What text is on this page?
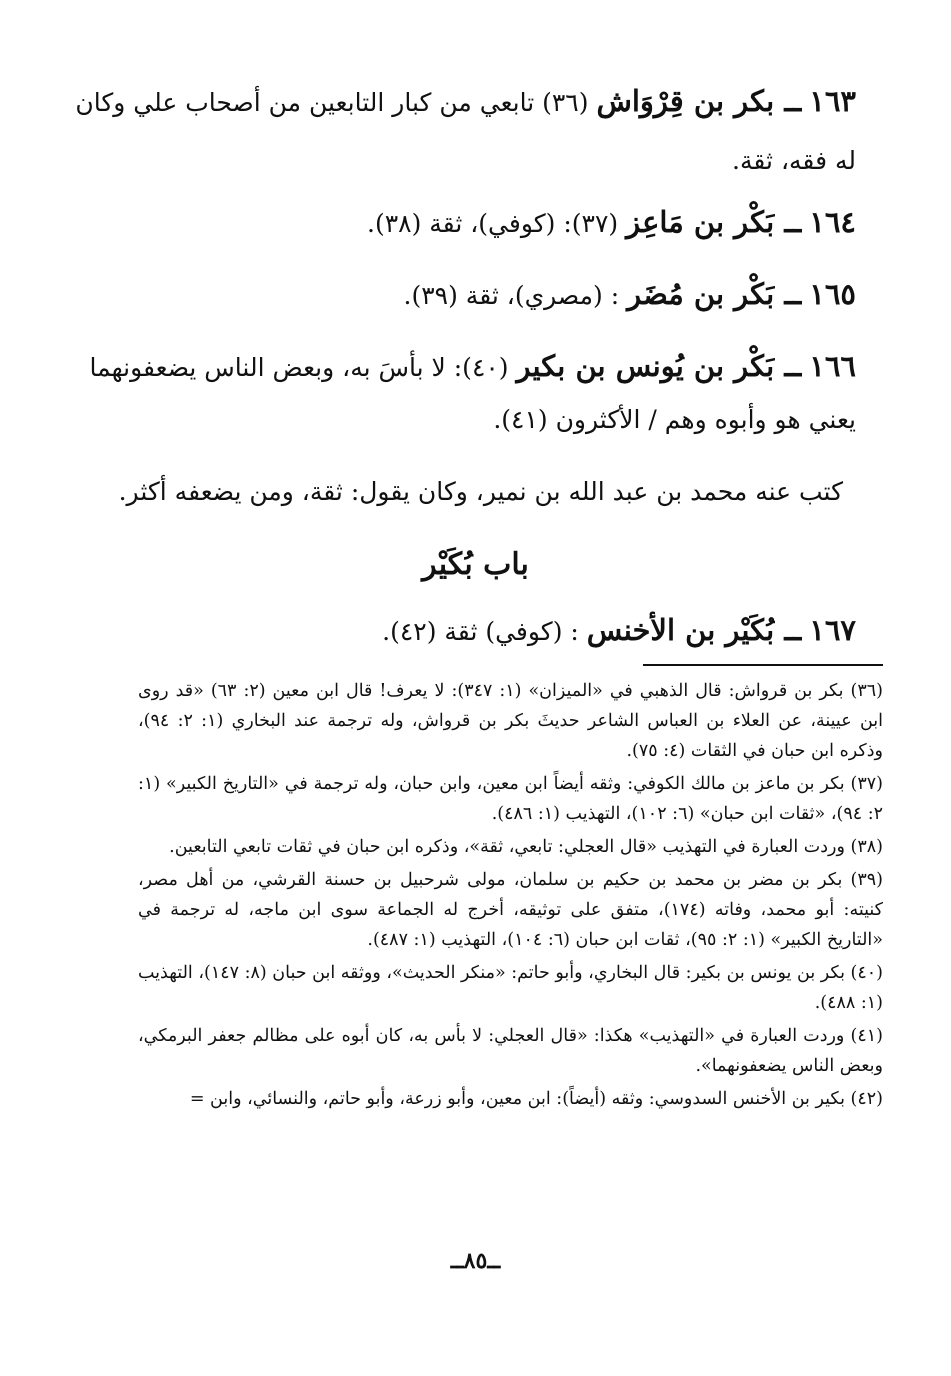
١٦٣ ــ بكر بن قِرْوَاش (٣٦) تابعي من كبار التابعين من أصحاب علي وكان له فقه، ثقة.
١٦٤ ــ بَكْر بن مَاعِز (٣٧): (كوفي)، ثقة (٣٨).
١٦٥ ــ بَكْر بن مُضَر : (مصري)، ثقة (٣٩).
١٦٦ ــ بَكْر بن يُونس بن بكير (٤٠): لا بأسَ به، وبعض الناس يضعفونهما يعني هو وأبوه وهم / الأكثرون (٤١).
كتب عنه محمد بن عبد الله بن نمير، وكان يقول: ثقة، ومن يضعفه أكثر.
باب بُكَيْر
١٦٧ ــ بُكَيْر بن الأخنس : (كوفي) ثقة (٤٢).

(٣٦) بكر بن قرواش: قال الذهبي في «الميزان» (١: ٣٤٧): لا يعرف! قال ابن معين (٢: ٦٣) «قد روى ابن عيينة، عن العلاء بن العباس الشاعر حديثَ بكر بن قرواش، وله ترجمة عند البخاري (١: ٢: ٩٤)، وذكره ابن حبان في الثقات (٤: ٧٥).

(٣٧) بكر بن ماعز بن مالك الكوفي: وثقه أيضاً ابن معين، وابن حبان، وله ترجمة في «التاريخ الكبير» (١: ٢: ٩٤)، «ثقات ابن حبان» (٦: ١٠٢)، التهذيب (١: ٤٨٦).

(٣٨) وردت العبارة في التهذيب «قال العجلي: تابعي، ثقة»، وذكره ابن حبان في ثقات تابعي التابعين.

(٣٩) بكر بن مضر بن محمد بن حكيم بن سلمان، مولى شرحبيل بن حسنة القرشي، من أهل مصر، كنيته: أبو محمد، وفاته (١٧٤)، متفق على توثيقه، أخرج له الجماعة سوى ابن ماجه، له ترجمة في «التاريخ الكبير» (١: ٢: ٩٥)، ثقات ابن حبان (٦: ١٠٤)، التهذيب (١: ٤٨٧).

(٤٠) بكر بن يونس بن بكير: قال البخاري، وأبو حاتم: «منكر الحديث»، ووثقه ابن حبان (٨: ١٤٧)، التهذيب (١: ٤٨٨).

(٤١) وردت العبارة في «التهذيب» هكذا: «قال العجلي: لا بأس به، كان أبوه على مظالم جعفر البرمكي، وبعض الناس يضعفونهما».

(٤٢) بكير بن الأخنس السدوسي: وثقه (أيضاً): ابن معين، وأبو زرعة، وأبو حاتم، والنسائي، وابن =

ــ٨٥ــ
